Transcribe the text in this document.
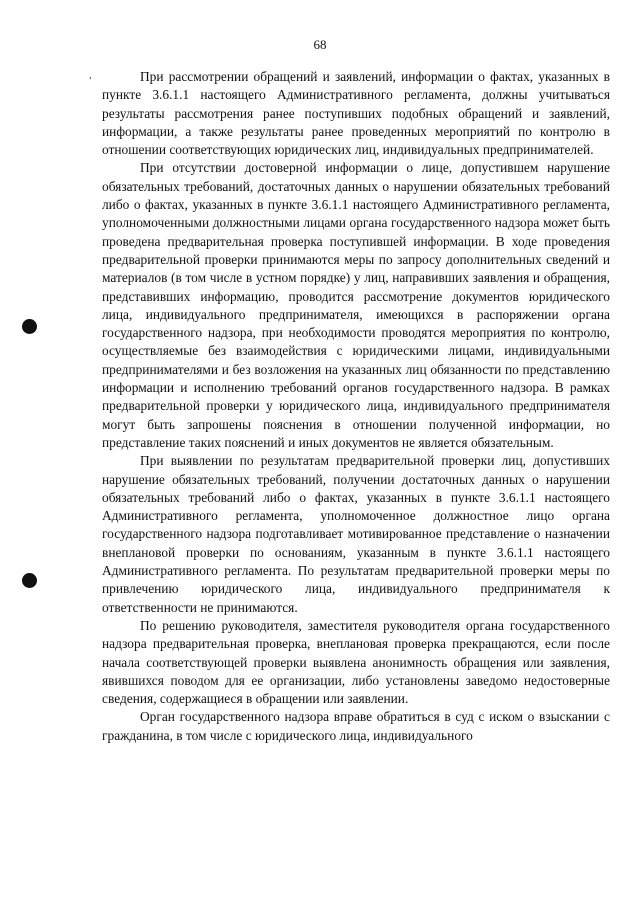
68
,	При рассмотрении обращений и заявлений, информации о фактах, указанных в пункте 3.6.1.1 настоящего Административного регламента, должны учитываться результаты рассмотрения ранее поступивших подобных обращений и заявлений, информации, а также результаты ранее проведенных мероприятий по контролю в отношении соответствующих юридических лиц, индивидуальных предпринимателей.

При отсутствии достоверной информации о лице, допустившем нарушение обязательных требований, достаточных данных о нарушении обязательных требований либо о фактах, указанных в пункте 3.6.1.1 настоящего Административного регламента, уполномоченными должностными лицами органа государственного надзора может быть проведена предварительная проверка поступившей информации. В ходе проведения предварительной проверки принимаются меры по запросу дополнительных сведений и материалов (в том числе в устном порядке) у лиц, направивших заявления и обращения, представивших информацию, проводится рассмотрение документов юридического лица, индивидуального предпринимателя, имеющихся в распоряжении органа государственного надзора, при необходимости проводятся мероприятия по контролю, осуществляемые без взаимодействия с юридическими лицами, индивидуальными предпринимателями и без возложения на указанных лиц обязанности по представлению информации и исполнению требований органов государственного надзора. В рамках предварительной проверки у юридического лица, индивидуального предпринимателя могут быть запрошены пояснения в отношении полученной информации, но представление таких пояснений и иных документов не является обязательным.

При выявлении по результатам предварительной проверки лиц, допустивших нарушение обязательных требований, получении достаточных данных о нарушении обязательных требований либо о фактах, указанных в пункте 3.6.1.1 настоящего Административного регламента, уполномоченное должностное лицо органа государственного надзора подготавливает мотивированное представление о назначении внеплановой проверки по основаниям, указанным в пункте 3.6.1.1 настоящего Административного регламента. По результатам предварительной проверки меры по привлечению юридического лица, индивидуального предпринимателя к ответственности не принимаются.

По решению руководителя, заместителя руководителя органа государственного надзора предварительная проверка, внеплановая проверка прекращаются, если после начала соответствующей проверки выявлена анонимность обращения или заявления, явившихся поводом для ее организации, либо установлены заведомо недостоверные сведения, содержащиеся в обращении или заявлении.

Орган государственного надзора вправе обратиться в суд с иском о взыскании с гражданина, в том числе с юридического лица, индивидуального
